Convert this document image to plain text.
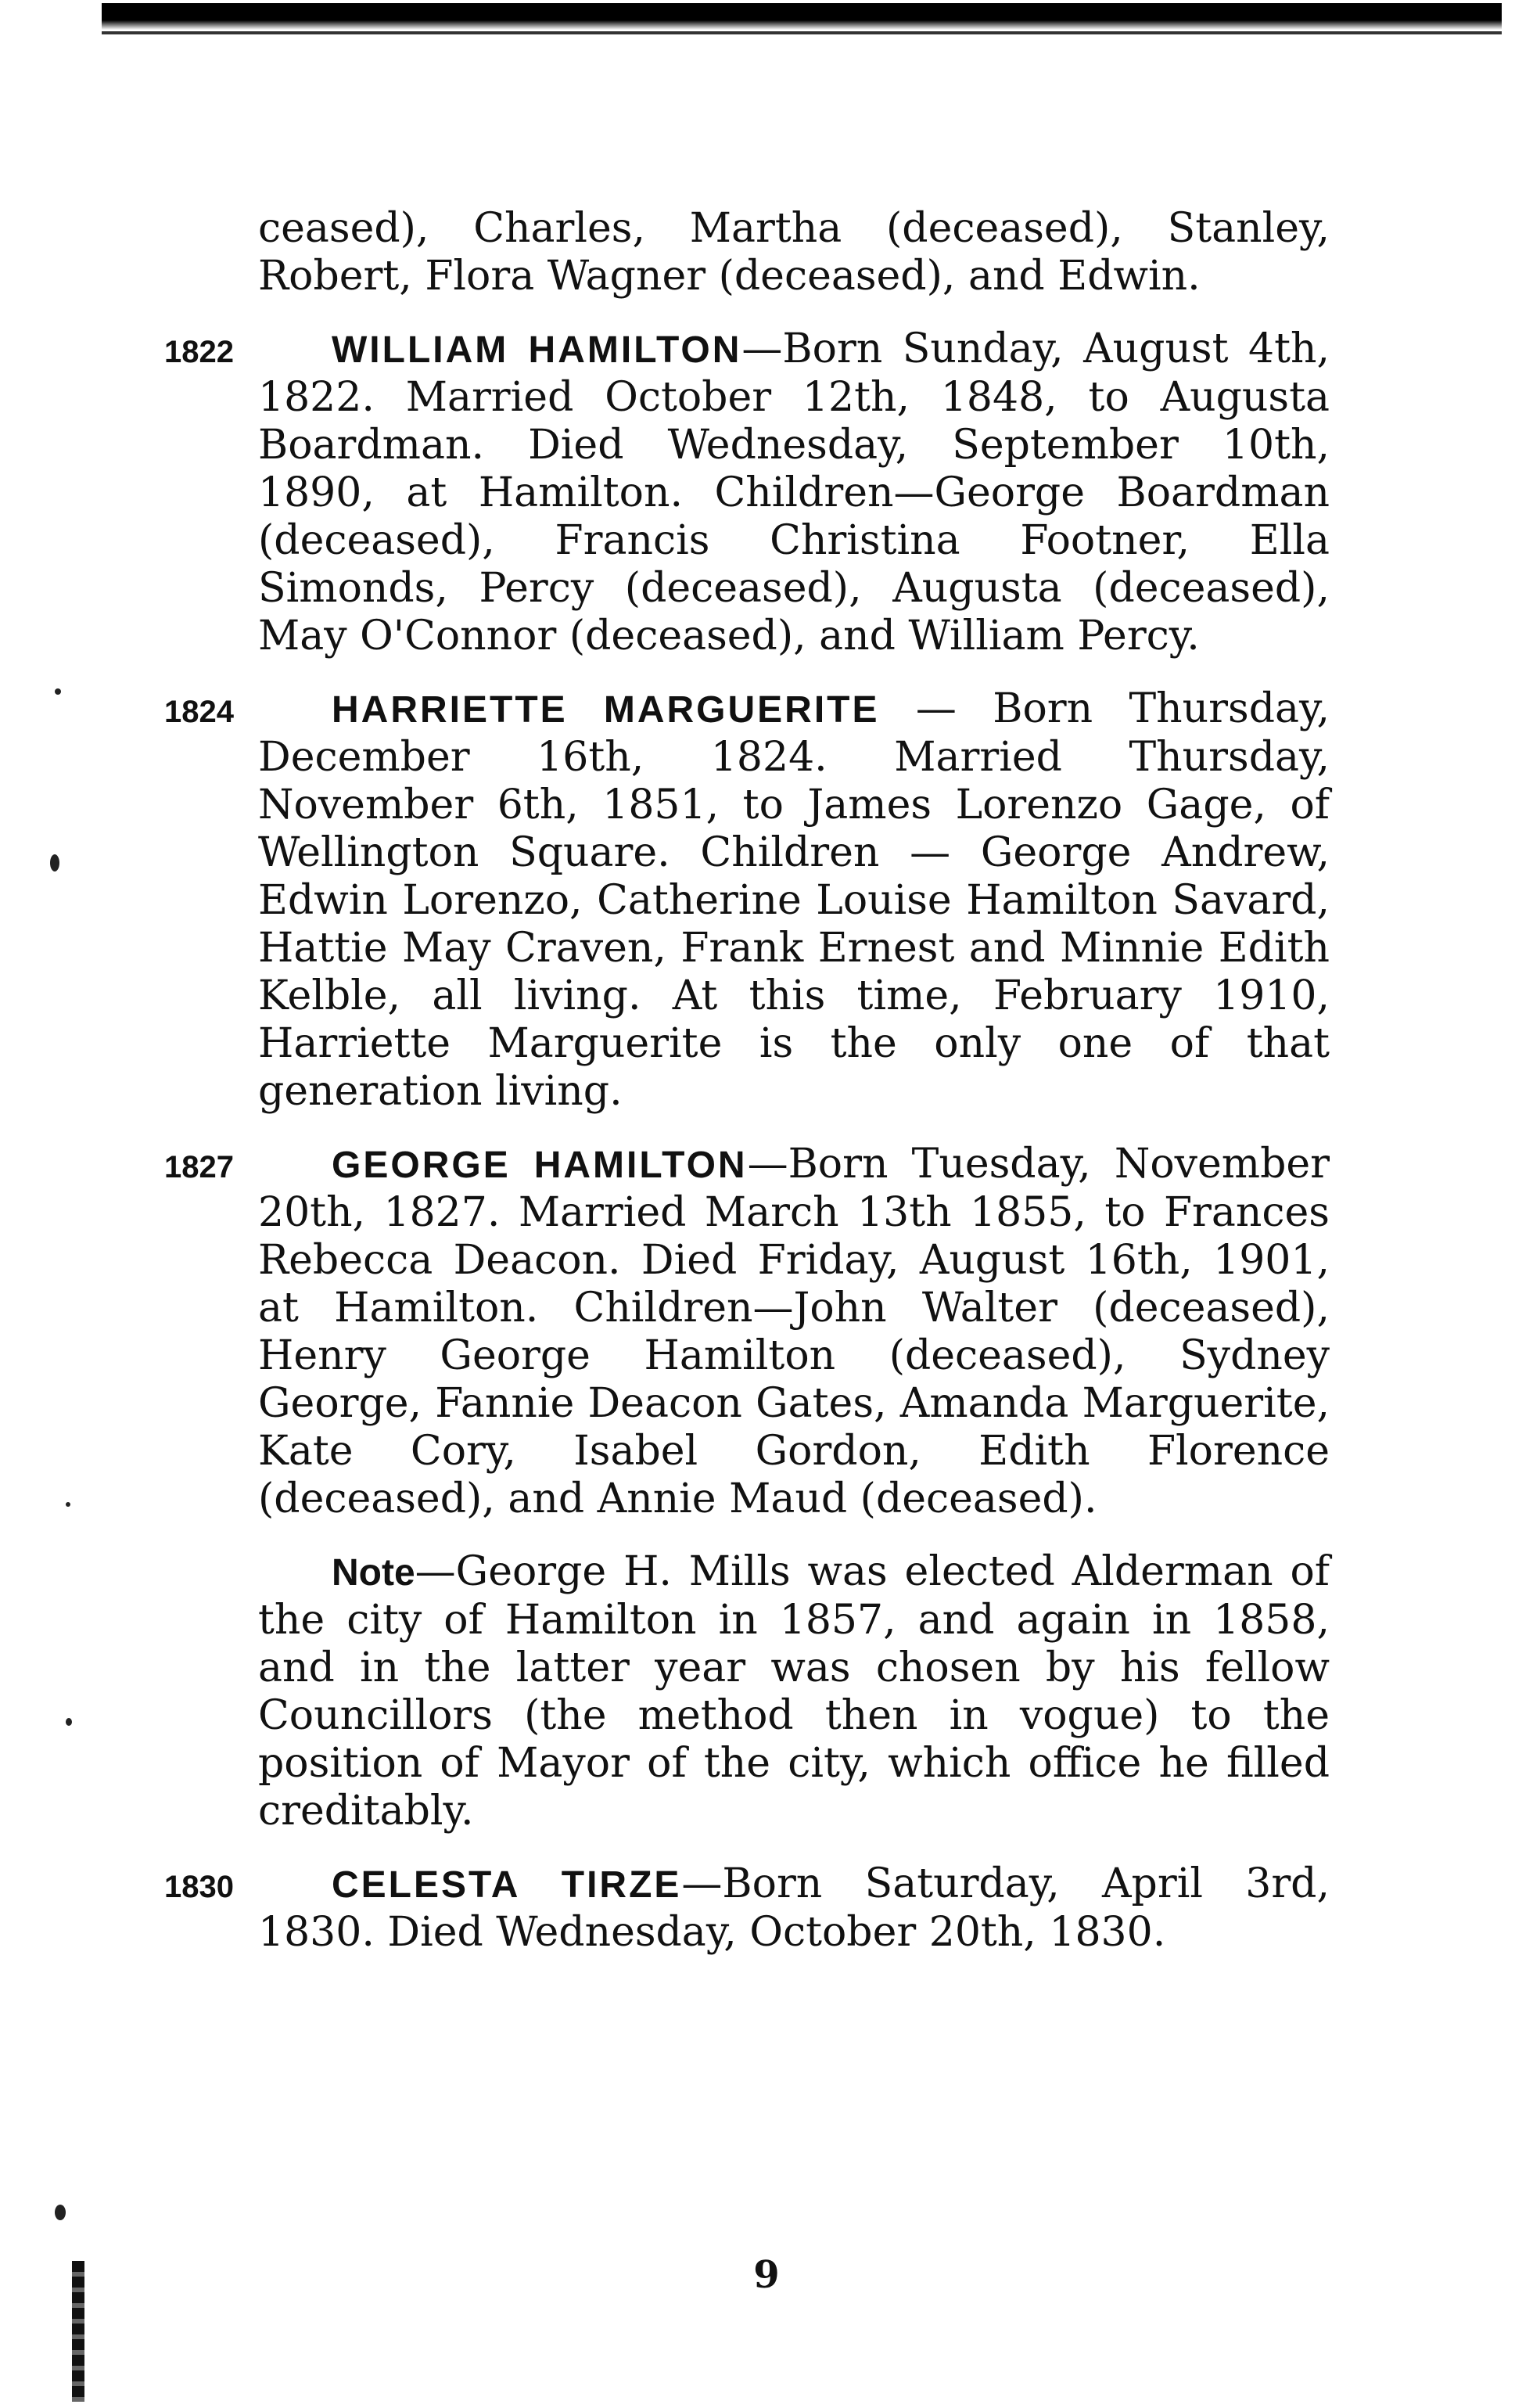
ceased), Charles, Martha (deceased), Stanley, Robert, Flora Wagner (deceased), and Edwin.

1822	WILLIAM HAMILTON—Born Sunday, August 4th, 1822. Married October 12th, 1848, to Augusta Boardman. Died Wednesday, September 10th, 1890, at Hamilton. Children—George Boardman (deceased), Francis Christina Footner, Ella Simonds, Percy (deceased), Augusta (deceased), May O'Connor (deceased), and William Percy.

1824	HARRIETTE MARGUERITE — Born Thursday, December 16th, 1824. Married Thursday, November 6th, 1851, to James Lorenzo Gage, of Wellington Square. Children — George Andrew, Edwin Lorenzo, Catherine Louise Hamilton Savard, Hattie May Craven, Frank Ernest and Minnie Edith Kelble, all living. At this time, February 1910, Harriette Marguerite is the only one of that generation living.

1827	GEORGE HAMILTON—Born Tuesday, November 20th, 1827. Married March 13th 1855, to Frances Rebecca Deacon. Died Friday, August 16th, 1901, at Hamilton. Children—John Walter (deceased), Henry George Hamilton (deceased), Sydney George, Fannie Deacon Gates, Amanda Marguerite, Kate Cory, Isabel Gordon, Edith Florence (deceased), and Annie Maud (deceased).

Note—George H. Mills was elected Alderman of the city of Hamilton in 1857, and again in 1858, and in the latter year was chosen by his fellow Councillors (the method then in vogue) to the position of Mayor of the city, which office he filled creditably.

1830	CELESTA TIRZE—Born Saturday, April 3rd, 1830. Died Wednesday, October 20th, 1830.

9
